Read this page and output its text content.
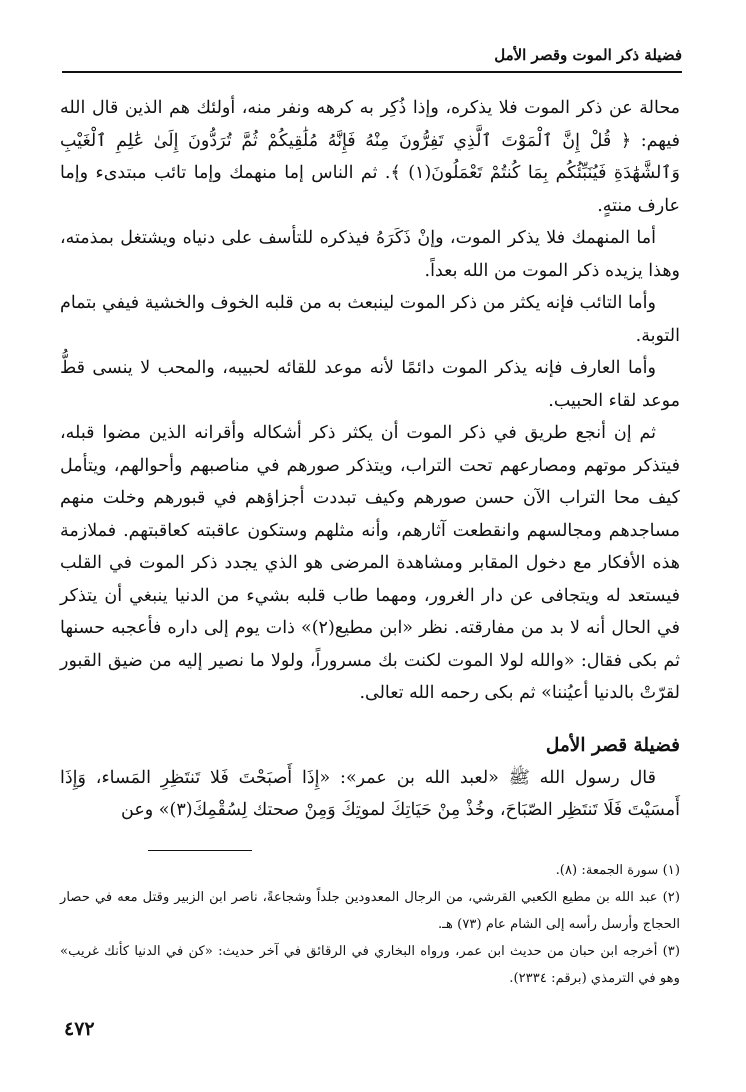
فضيلة ذكر الموت وقصر الأمل

محالة عن ذكر الموت فلا يذكره، وإذا ذُكِر به كرهه ونفر منه، أولئك هم الذين قال الله فيهم: ﴿ قُلْ إِنَّ ٱلْمَوْتَ ٱلَّذِي تَفِرُّونَ مِنْهُ فَإِنَّهُ مُلَٰقِيكُمْ ثُمَّ تُرَدُّونَ إِلَىٰ عَٰلِمِ ٱلْغَيْبِ وَٱلشَّهَٰدَةِ فَيُنَبِّئُكُم بِمَا كُنتُمْ تَعْمَلُونَ(١) ﴾. ثم الناس إما منهمك وإما تائب مبتدىء وإما عارف منتهٍ.

أما المنهمك فلا يذكر الموت، وإنْ ذَكَرَهُ فيذكره للتأسف على دنياه ويشتغل بمذمته، وهذا يزيده ذكر الموت من الله بعداً.

وأما التائب فإنه يكثر من ذكر الموت لينبعث به من قلبه الخوف والخشية فيفي بتمام التوبة.

وأما العارف فإنه يذكر الموت دائمًا لأنه موعد للقائه لحبيبه، والمحب لا ينسى قطُّ موعد لقاء الحبيب.

ثم إن أنجع طريق في ذكر الموت أن يكثر ذكر أشكاله وأقرانه الذين مضوا قبله، فيتذكر موتهم ومصارعهم تحت التراب، ويتذكر صورهم في مناصبهم وأحوالهم، ويتأمل كيف محا التراب الآن حسن صورهم وكيف تبددت أجزاؤهم في قبورهم وخلت منهم مساجدهم ومجالسهم وانقطعت آثارهم، وأنه مثلهم وستكون عاقبته كعاقبتهم. فملازمة هذه الأفكار مع دخول المقابر ومشاهدة المرضى هو الذي يجدد ذكر الموت في القلب فيستعد له ويتجافى عن دار الغرور، ومهما طاب قلبه بشيء من الدنيا ينبغي أن يتذكر في الحال أنه لا بد من مفارقته. نظر «ابن مطيع(٢)» ذات يوم إلى داره فأعجبه حسنها ثم بكى فقال: «والله لولا الموت لكنت بك مسروراً، ولولا ما نصير إليه من ضيق القبور لقرّتْ بالدنيا أعيُننا» ثم بكى رحمه الله تعالى.

فضيلة قصر الأمل

قال رسول الله ﷺ «لعبد الله بن عمر»: «إِذَا أَصبَحْتَ فَلا تَنتَظِرِ المَساء، وَإِذَا أَمسَيْتَ فَلَا تَنتَظِر الصّبَاحَ، وخُذْ مِنْ حَيَاتِكَ لموتِكَ وَمِنْ صحتك لِسُقْمِكَ(٣)» وعن

(١) سورة الجمعة: (٨).
(٢) عبد الله بن مطيع الكعبي القرشي، من الرجال المعدودين جلداً وشجاعةً، ناصر ابن الزبير وقتل معه في حصار الحجاج وأرسل رأسه إلى الشام عام (٧٣) هـ.
(٣) أخرجه ابن حبان من حديث ابن عمر، ورواه البخاري في الرقائق في آخر حديث: «كن في الدنيا كأنك غريب» وهو في الترمذي (برقم: ٢٣٣٤).
٤٧٢
